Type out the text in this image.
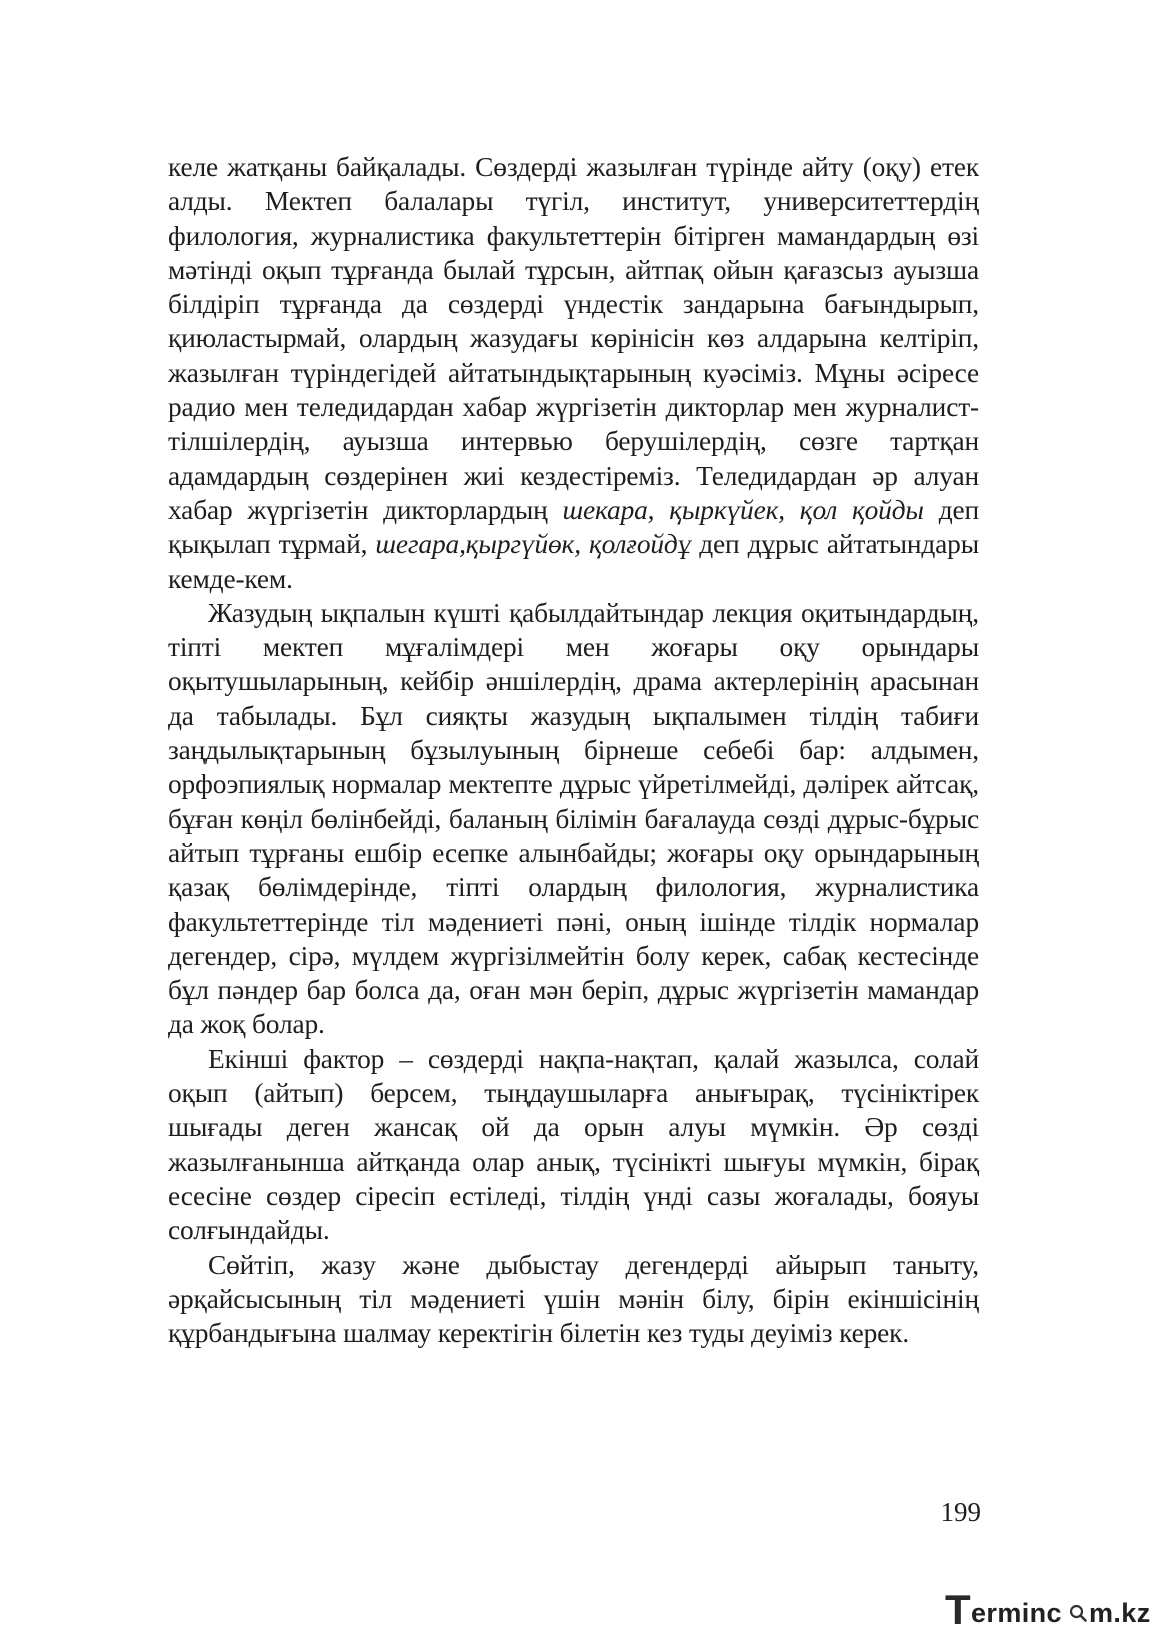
келе жатқаны байқалады. Сөздерді жазылған түрінде айту (оқу) етек алды. Мектеп балалары түгіл, институт, университеттердің филология, журналистика факультеттерін бітірген мамандардың өзі мәтінді оқып тұрғанда былай тұрсын, айтпақ ойын қағазсыз ауызша білдіріп тұрғанда да сөздерді үндестік зандарына бағындырып, қиюластырмай, олардың жазудағы көрінісін көз алдарына келтіріп, жазылған түріндегідей айтатындықтарының куәсіміз. Мұны әсіресе радио мен теледидардан хабар жүргізетін дикторлар мен журналист- тілшілердің, ауызша интервью берушілердің, сөзге тартқан адамдардың сөздерінен жиі кездестіреміз. Теледидардан әр алуан хабар жүргізетін дикторлардың шекара, қыркүйек, қол қойды деп қықылап тұрмай, шегара,қыргүйөк, қолғойдұ деп дұрыс айтатындары кемде-кем.

Жазудың ықпалын күшті қабылдайтындар лекция оқитындардың, тіпті мектеп мұғалімдері мен жоғары оқу орындары оқытушыларының, кейбір әншілердің, драма актерлерінің арасынан да табылады. Бұл сияқты жазудың ықпалымен тілдің табиғи заңдылықтарының бұзылуының бірнеше себебі бар: алдымен, орфоэпиялық нормалар мектепте дұрыс үйретілмейді, дәлірек айтсақ, бұған көңіл бөлінбейді, баланың білімін бағалауда сөзді дұрыс-бұрыс айтып тұрғаны ешбір есепке алынбайды; жоғары оқу орындарының қазақ бөлімдерінде, тіпті олардың филология, журналистика факультеттерінде тіл мәдениеті пәні, оның ішінде тілдік нормалар дегендер, сірә, мүлдем жүргізілмейтін болу керек, сабақ кестесінде бұл пәндер бар болса да, оған мән беріп, дұрыс жүргізетін мамандар да жоқ болар.

Екінші фактор – сөздерді нақпа-нақтап, қалай жазылса, солай оқып (айтып) берсем, тыңдаушыларға анығырақ, түсініктірек шығады деген жансақ ой да орын алуы мүмкін. Әр сөзді жазылғанынша айтқанда олар анық, түсінікті шығуы мүмкін, бірақ есесіне сөздер сіресіп естіледі, тілдің үнді сазы жоғалады, бояуы солғындайды.

Сөйтіп, жазу және дыбыстау дегендерді айырып таныту, әрқайсысының тіл мәдениеті үшін мәнін білу, бірін екіншісінің құрбандығына шалмау керектігін білетін кез туды деуіміз керек.

199
T erminc m.kz
